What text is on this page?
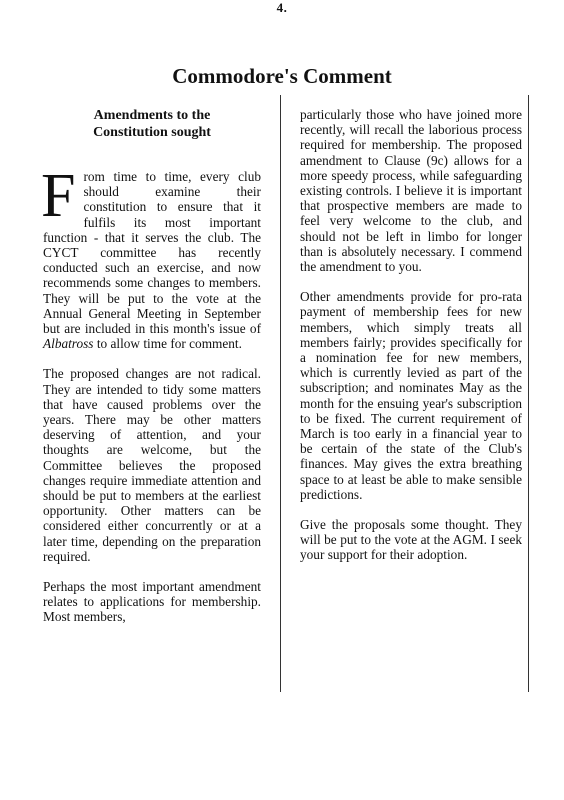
4.
Commodore's Comment
Amendments to the
Constitution sought

From time to time, every club should examine their constitution to ensure that it fulfils its most important function - that it serves the club. The CYCT committee has recently conducted such an exercise, and now recommends some changes to members. They will be put to the vote at the Annual General Meeting in September but are included in this month's issue of Albatross to allow time for comment.

The proposed changes are not radical. They are intended to tidy some matters that have caused problems over the years. There may be other matters deserving of attention, and your thoughts are welcome, but the Committee believes the proposed changes require immediate attention and should be put to members at the earliest opportunity. Other matters can be considered either concurrently or at a later time, depending on the preparation required.

Perhaps the most important amendment relates to applications for membership. Most members,

particularly those who have joined more recently, will recall the laborious process required for membership. The proposed amendment to Clause (9c) allows for a more speedy process, while safeguarding existing controls. I believe it is important that prospective members are made to feel very welcome to the club, and should not be left in limbo for longer than is absolutely necessary. I commend the amendment to you.

Other amendments provide for pro-rata payment of membership fees for new members, which simply treats all members fairly; provides specifically for a nomination fee for new members, which is currently levied as part of the subscription; and nominates May as the month for the ensuing year's subscription to be fixed. The current requirement of March is too early in a financial year to be certain of the state of the Club's finances. May gives the extra breathing space to at least be able to make sensible predictions.

Give the proposals some thought. They will be put to the vote at the AGM. I seek your support for their adoption.
